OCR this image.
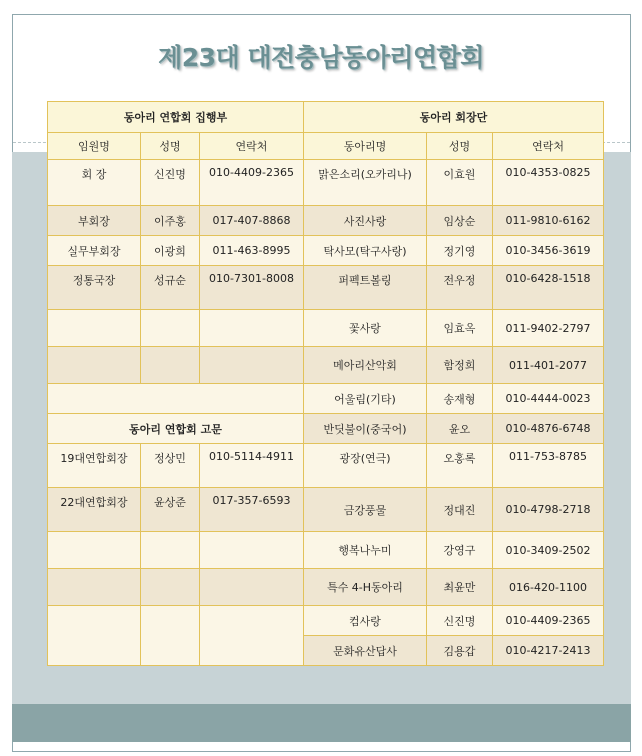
제23대 대전충남동아리연합회
동아리 연합회 집행부			동아리 회장단		
임원명	성명	연락처	동아리명	성명	연락처
회 장	신진명	010-4409-2365	맑은소리(오카리나)	이효원	010-4353-0825
부회장	이주홍	017-407-8868	사진사랑	임상순	011-9810-6162
실무부회장	이광희	011-463-8995	탁사모(탁구사랑)	정기영	010-3456-3619
정통국장	성규순	010-7301-8008	퍼펙트볼링	전우정	010-6428-1518
			꽃사랑	임효옥	011-9402-2797
			메아리산악회	함정희	011-401-2077
			어울림(기타)	송재형	010-4444-0023
동아리 연합회 고문			반딧불이(중국어)	윤오	010-4876-6748
19대연합회장	정상민	010-5114-4911	광장(연극)	오홍록	011-753-8785
22대연합회장	윤상준	017-357-6593	금강풍물	정대진	010-4798-2718
			행복나누미	강영구	010-3409-2502
			특수 4-H동아리	최윤만	016-420-1100
			컴사랑	신진명	010-4409-2365
			문화유산답사	김용갑	010-4217-2413
